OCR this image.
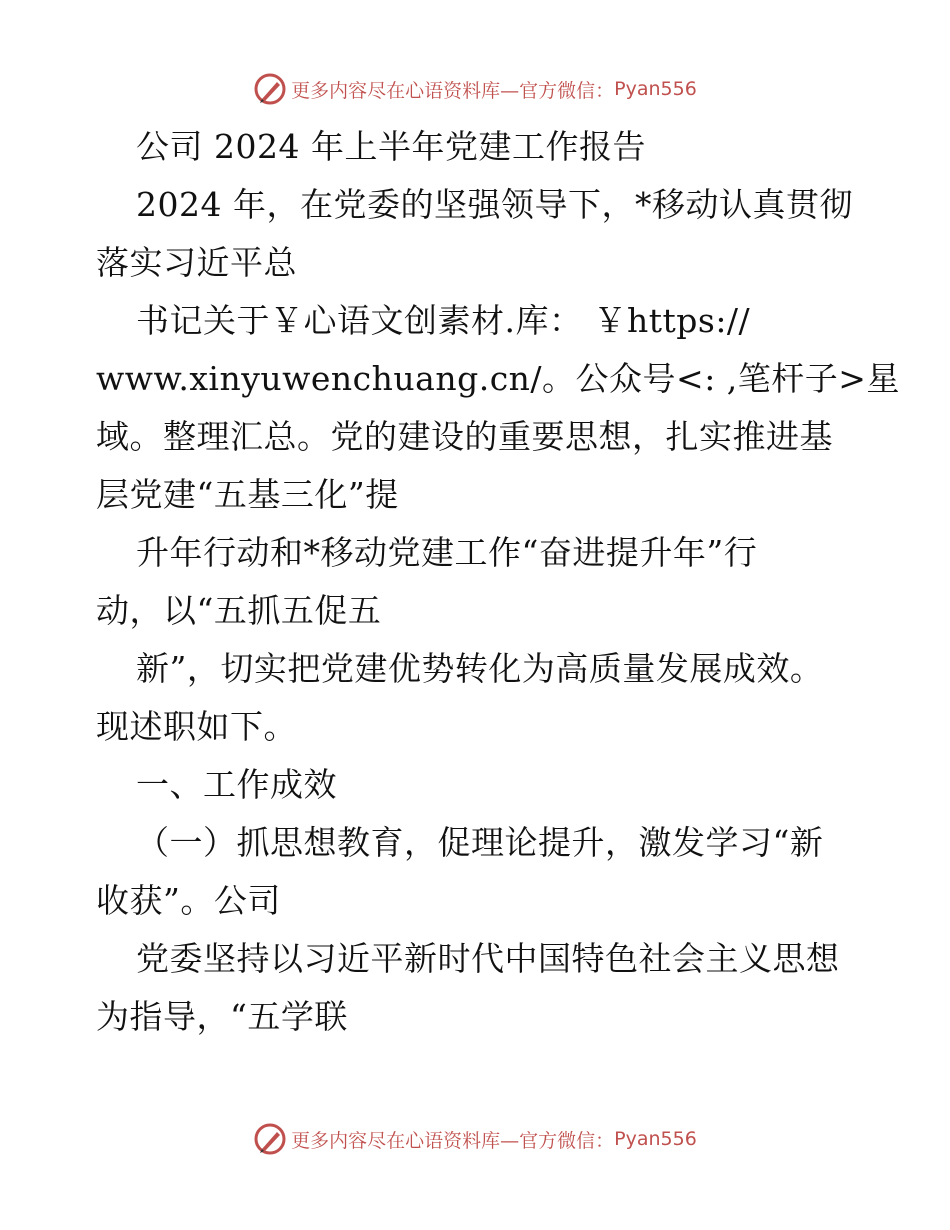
更多内容尽在心语资料库—官方微信： Pyan556
公司 2024 年上半年党建工作报告
2024 年，在党委的坚强领导下，*移动认真贯彻
落实习近平总
书记关于￥心语文创素材.库： ￥https://
www.xinyuwenchuang.cn/。公众号<: ,笔杆子>星
域。整理汇总。党的建设的重要思想，扎实推进基
层党建“五基三化”提
升年行动和*移动党建工作“奋进提升年”行
动，以“五抓五促五
新”，切实把党建优势转化为高质量发展成效。
现述职如下。
一、工作成效
（一）抓思想教育，促理论提升，激发学习“新
收获”。公司
党委坚持以习近平新时代中国特色社会主义思想
为指导，“五学联
更多内容尽在心语资料库—官方微信： Pyan556
